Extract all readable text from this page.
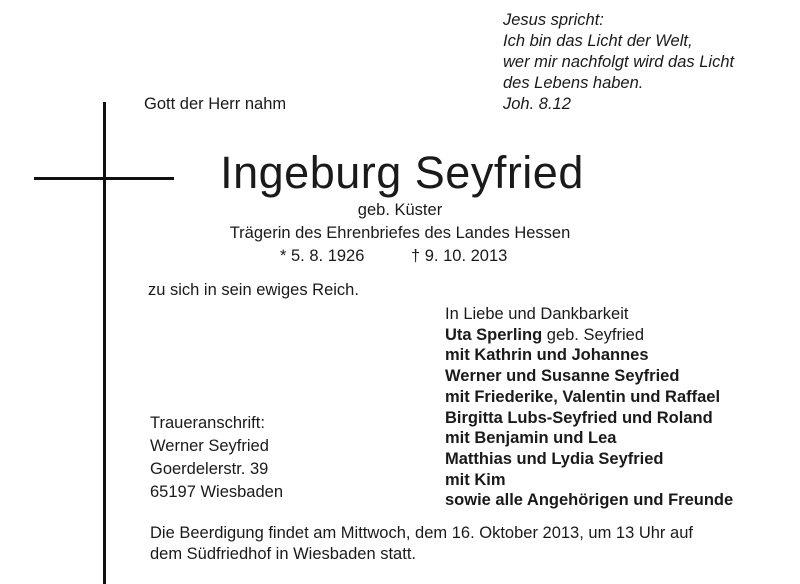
Jesus spricht:
Ich bin das Licht der Welt,
wer mir nachfolgt wird das Licht
des Lebens haben.
Joh. 8.12
Gott der Herr nahm
Ingeburg Seyfried
geb. Küster
Trägerin des Ehrenbriefes des Landes Hessen
* 5. 8. 1926	† 9. 10. 2013
zu sich in sein ewiges Reich.
In Liebe und Dankbarkeit
Uta Sperling geb. Seyfried
mit Kathrin und Johannes
Werner und Susanne Seyfried
mit Friederike, Valentin und Raffael
Birgitta Lubs-Seyfried und Roland
mit Benjamin und Lea
Matthias und Lydia Seyfried
mit Kim
sowie alle Angehörigen und Freunde
Traueranschrift:
Werner Seyfried
Goerdelerstr. 39
65197 Wiesbaden
Die Beerdigung findet am Mittwoch, dem 16. Oktober 2013, um 13 Uhr auf
dem Südfriedhof in Wiesbaden statt.
